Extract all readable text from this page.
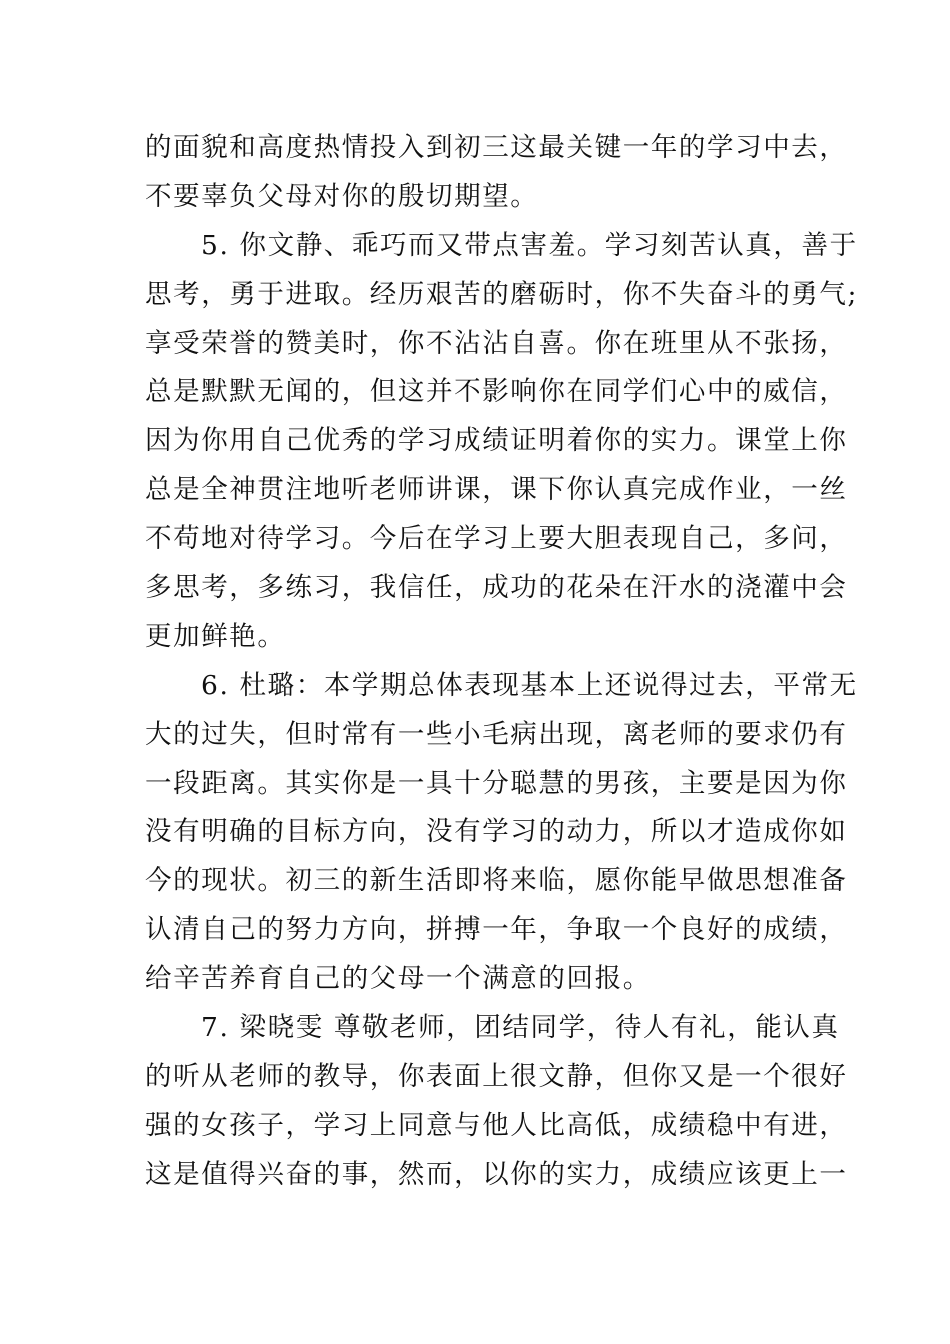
的面貌和高度热情投入到初三这最关键一年的学习中去，
不要辜负父母对你的殷切期望。
5. 你文静、乖巧而又带点害羞。学习刻苦认真，善于
思考，勇于进取。经历艰苦的磨砺时，你不失奋斗的勇气;
享受荣誉的赞美时，你不沾沾自喜。你在班里从不张扬，
总是默默无闻的，但这并不影响你在同学们心中的威信，
因为你用自己优秀的学习成绩证明着你的实力。课堂上你
总是全神贯注地听老师讲课，课下你认真完成作业，一丝
不苟地对待学习。今后在学习上要大胆表现自己，多问，
多思考，多练习，我信任，成功的花朵在汗水的浇灌中会
更加鲜艳。
6. 杜璐：本学期总体表现基本上还说得过去，平常无
大的过失，但时常有一些小毛病出现，离老师的要求仍有
一段距离。其实你是一具十分聪慧的男孩，主要是因为你
没有明确的目标方向，没有学习的动力，所以才造成你如
今的现状。初三的新生活即将来临，愿你能早做思想准备
认清自己的努力方向，拼搏一年，争取一个良好的成绩，
给辛苦养育自己的父母一个满意的回报。
7. 梁晓雯 尊敬老师，团结同学，待人有礼，能认真
的听从老师的教导，你表面上很文静，但你又是一个很好
强的女孩子，学习上同意与他人比高低，成绩稳中有进，
这是值得兴奋的事，然而，以你的实力，成绩应该更上一
